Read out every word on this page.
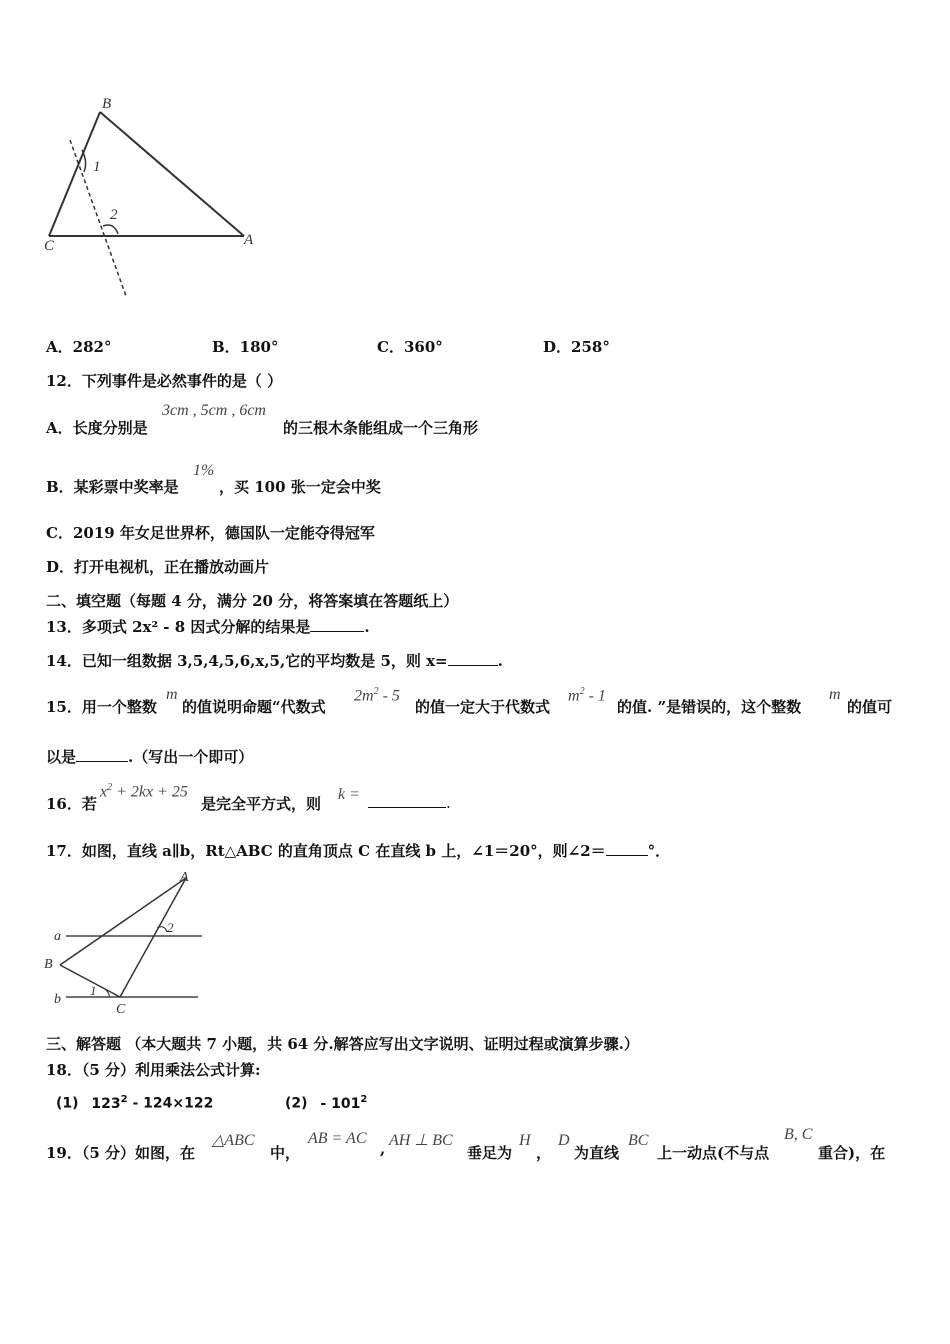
B
C	A
1
2
A．282°	B．180°	C．360°	D．258°
12．下列事件是必然事件的是（ ）
A．长度分别是
3cm , 5cm , 6cm
的三根木条能组成一个三角形
B．某彩票中奖率是
1%
，买 100 张一定会中奖
C．2019 年女足世界杯，德国队一定能夺得冠军
D．打开电视机，正在播放动画片
二、填空题（每题 4 分，满分 20 分，将答案填在答题纸上）
13．多项式 2x² - 8 因式分解的结果是	.
14．已知一组数据 3,5,4,5,6,x,5,它的平均数是 5，则 x=	.
15．用一个整数
m
的值说明命题“代数式
$2m^2 - 5$
的值一定大于代数式
$m^2 - 1$
的值. ”是错误的，这个整数
m
的值可
以是	.（写出一个即可）
16．若
$x^2 + 2kx + 25$
是完全平方式，则
k =	.
17．如图，直线 a∥b，Rt△ABC 的直角顶点 C 在直线 b 上，∠1＝20°，则∠2＝	°．
A
B
C
a
b
1
2
三、解答题 （本大题共 7 小题，共 64 分.解答应写出文字说明、证明过程或演算步骤.）
18．（5 分）利用乘法公式计算:
(1) $123^2 - 124\times 122$	$(2) - 101^2$
19．（5 分）如图，在
△ABC
中，
AB = AC
, AH ⊥ BC
垂足为
H
，
D
为直线
BC
上一动点(不与点
B, C
重合)，在
